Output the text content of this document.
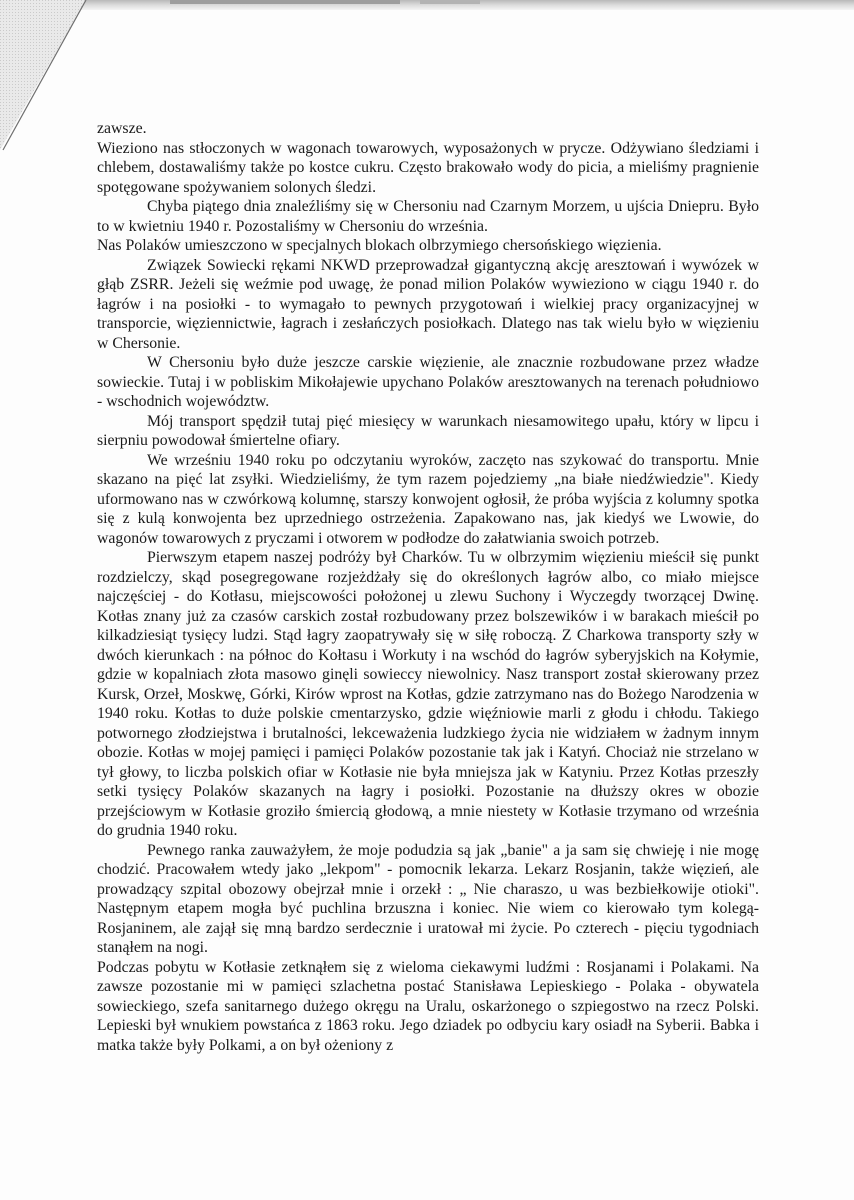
zawsze.

Wieziono nas stłoczonych w wagonach towarowych, wyposażonych w prycze. Odżywiano śledziami i chlebem, dostawaliśmy także po kostce cukru. Często brakowało wody do picia, a mieliśmy pragnienie spotęgowane spożywaniem solonych śledzi.

Chyba piątego dnia znaleźliśmy się w Chersoniu nad Czarnym Morzem, u ujścia Dniepru. Było to w kwietniu 1940 r. Pozostaliśmy w Chersoniu do września.

Nas Polaków umieszczono w specjalnych blokach olbrzymiego chersońskiego więzienia.

Związek Sowiecki rękami NKWD przeprowadzał gigantyczną akcję aresztowań i wywózek w głąb ZSRR. Jeżeli się weźmie pod uwagę, że ponad milion Polaków wywieziono w ciągu 1940 r. do łagrów i na posiołki - to wymagało to pewnych przygotowań i wielkiej pracy organizacyjnej w transporcie, więziennictwie, łagrach i zesłańczych posiołkach. Dlatego nas tak wielu było w więzieniu w Chersonie.

W Chersoniu było duże jeszcze carskie więzienie, ale znacznie rozbudowane przez władze sowieckie. Tutaj i w pobliskim Mikołajewie upychano Polaków aresztowanych na terenach południowo - wschodnich województw.

Mój transport spędził tutaj pięć miesięcy w warunkach niesamowitego upału, który w lipcu i sierpniu powodował śmiertelne ofiary.

We wrześniu 1940 roku po odczytaniu wyroków, zaczęto nas szykować do transportu. Mnie skazano na pięć lat zsyłki. Wiedzieliśmy, że tym razem pojedziemy „na białe niedźwiedzie". Kiedy uformowano nas w czwórkową kolumnę, starszy konwojent ogłosił, że próba wyjścia z kolumny spotka się z kulą konwojenta bez uprzedniego ostrzeżenia. Zapakowano nas, jak kiedyś we Lwowie, do wagonów towarowych z pryczami i otworem w podłodze do załatwiania swoich potrzeb.

Pierwszym etapem naszej podróży był Charków. Tu w olbrzymim więzieniu mieścił się punkt rozdzielczy, skąd posegregowane rozjeżdżały się do określonych łagrów albo, co miało miejsce najczęściej - do Kotłasu, miejscowości położonej u zlewu Suchony i Wyczegdy tworzącej Dwinę. Kotłas znany już za czasów carskich został rozbudowany przez bolszewików i w barakach mieścił po kilkadziesiąt tysięcy ludzi. Stąd łagry zaopatrywały się w siłę roboczą. Z Charkowa transporty szły w dwóch kierunkach : na północ do Kołtasu i Workuty i na wschód do łagrów syberyjskich na Kołymie, gdzie w kopalniach złota masowo ginęli sowieccy niewolnicy. Nasz transport został skierowany przez Kursk, Orzeł, Moskwę, Górki, Kirów wprost na Kotłas, gdzie zatrzymano nas do Bożego Narodzenia w 1940 roku. Kotłas to duże polskie cmentarzysko, gdzie więźniowie marli z głodu i chłodu. Takiego potwornego złodziejstwa i brutalności, lekceważenia ludzkiego życia nie widziałem w żadnym innym obozie. Kotłas w mojej pamięci i pamięci Polaków pozostanie tak jak i Katyń. Chociaż nie strzelano w tył głowy, to liczba polskich ofiar w Kotłasie nie była mniejsza jak w Katyniu. Przez Kotłas przeszły setki tysięcy Polaków skazanych na łagry i posiołki. Pozostanie na dłuższy okres w obozie przejściowym w Kotłasie groziło śmiercią głodową, a mnie niestety w Kotłasie trzymano od września do grudnia 1940 roku.

Pewnego ranka zauważyłem, że moje podudzia są jak „banie" a ja sam się chwieję i nie mogę chodzić. Pracowałem wtedy jako „lekpom" - pomocnik lekarza. Lekarz Rosjanin, także więzień, ale prowadzący szpital obozowy obejrzał mnie i orzekł : „ Nie charaszo, u was bezbiełkowije otioki". Następnym etapem mogła być puchlina brzuszna i koniec. Nie wiem co kierowało tym kolegą- Rosjaninem, ale zajął się mną bardzo serdecznie i uratował mi życie. Po czterech - pięciu tygodniach stanąłem na nogi.

Podczas pobytu w Kotłasie zetknąłem się z wieloma ciekawymi ludźmi : Rosjanami i Polakami. Na zawsze pozostanie mi w pamięci szlachetna postać Stanisława Lepieskiego - Polaka - obywatela sowieckiego, szefa sanitarnego dużego okręgu na Uralu, oskarżonego o szpiegostwo na rzecz Polski. Lepieski był wnukiem powstańca z 1863 roku. Jego dziadek po odbyciu kary osiadł na Syberii. Babka i matka także były Polkami, a on był ożeniony z
